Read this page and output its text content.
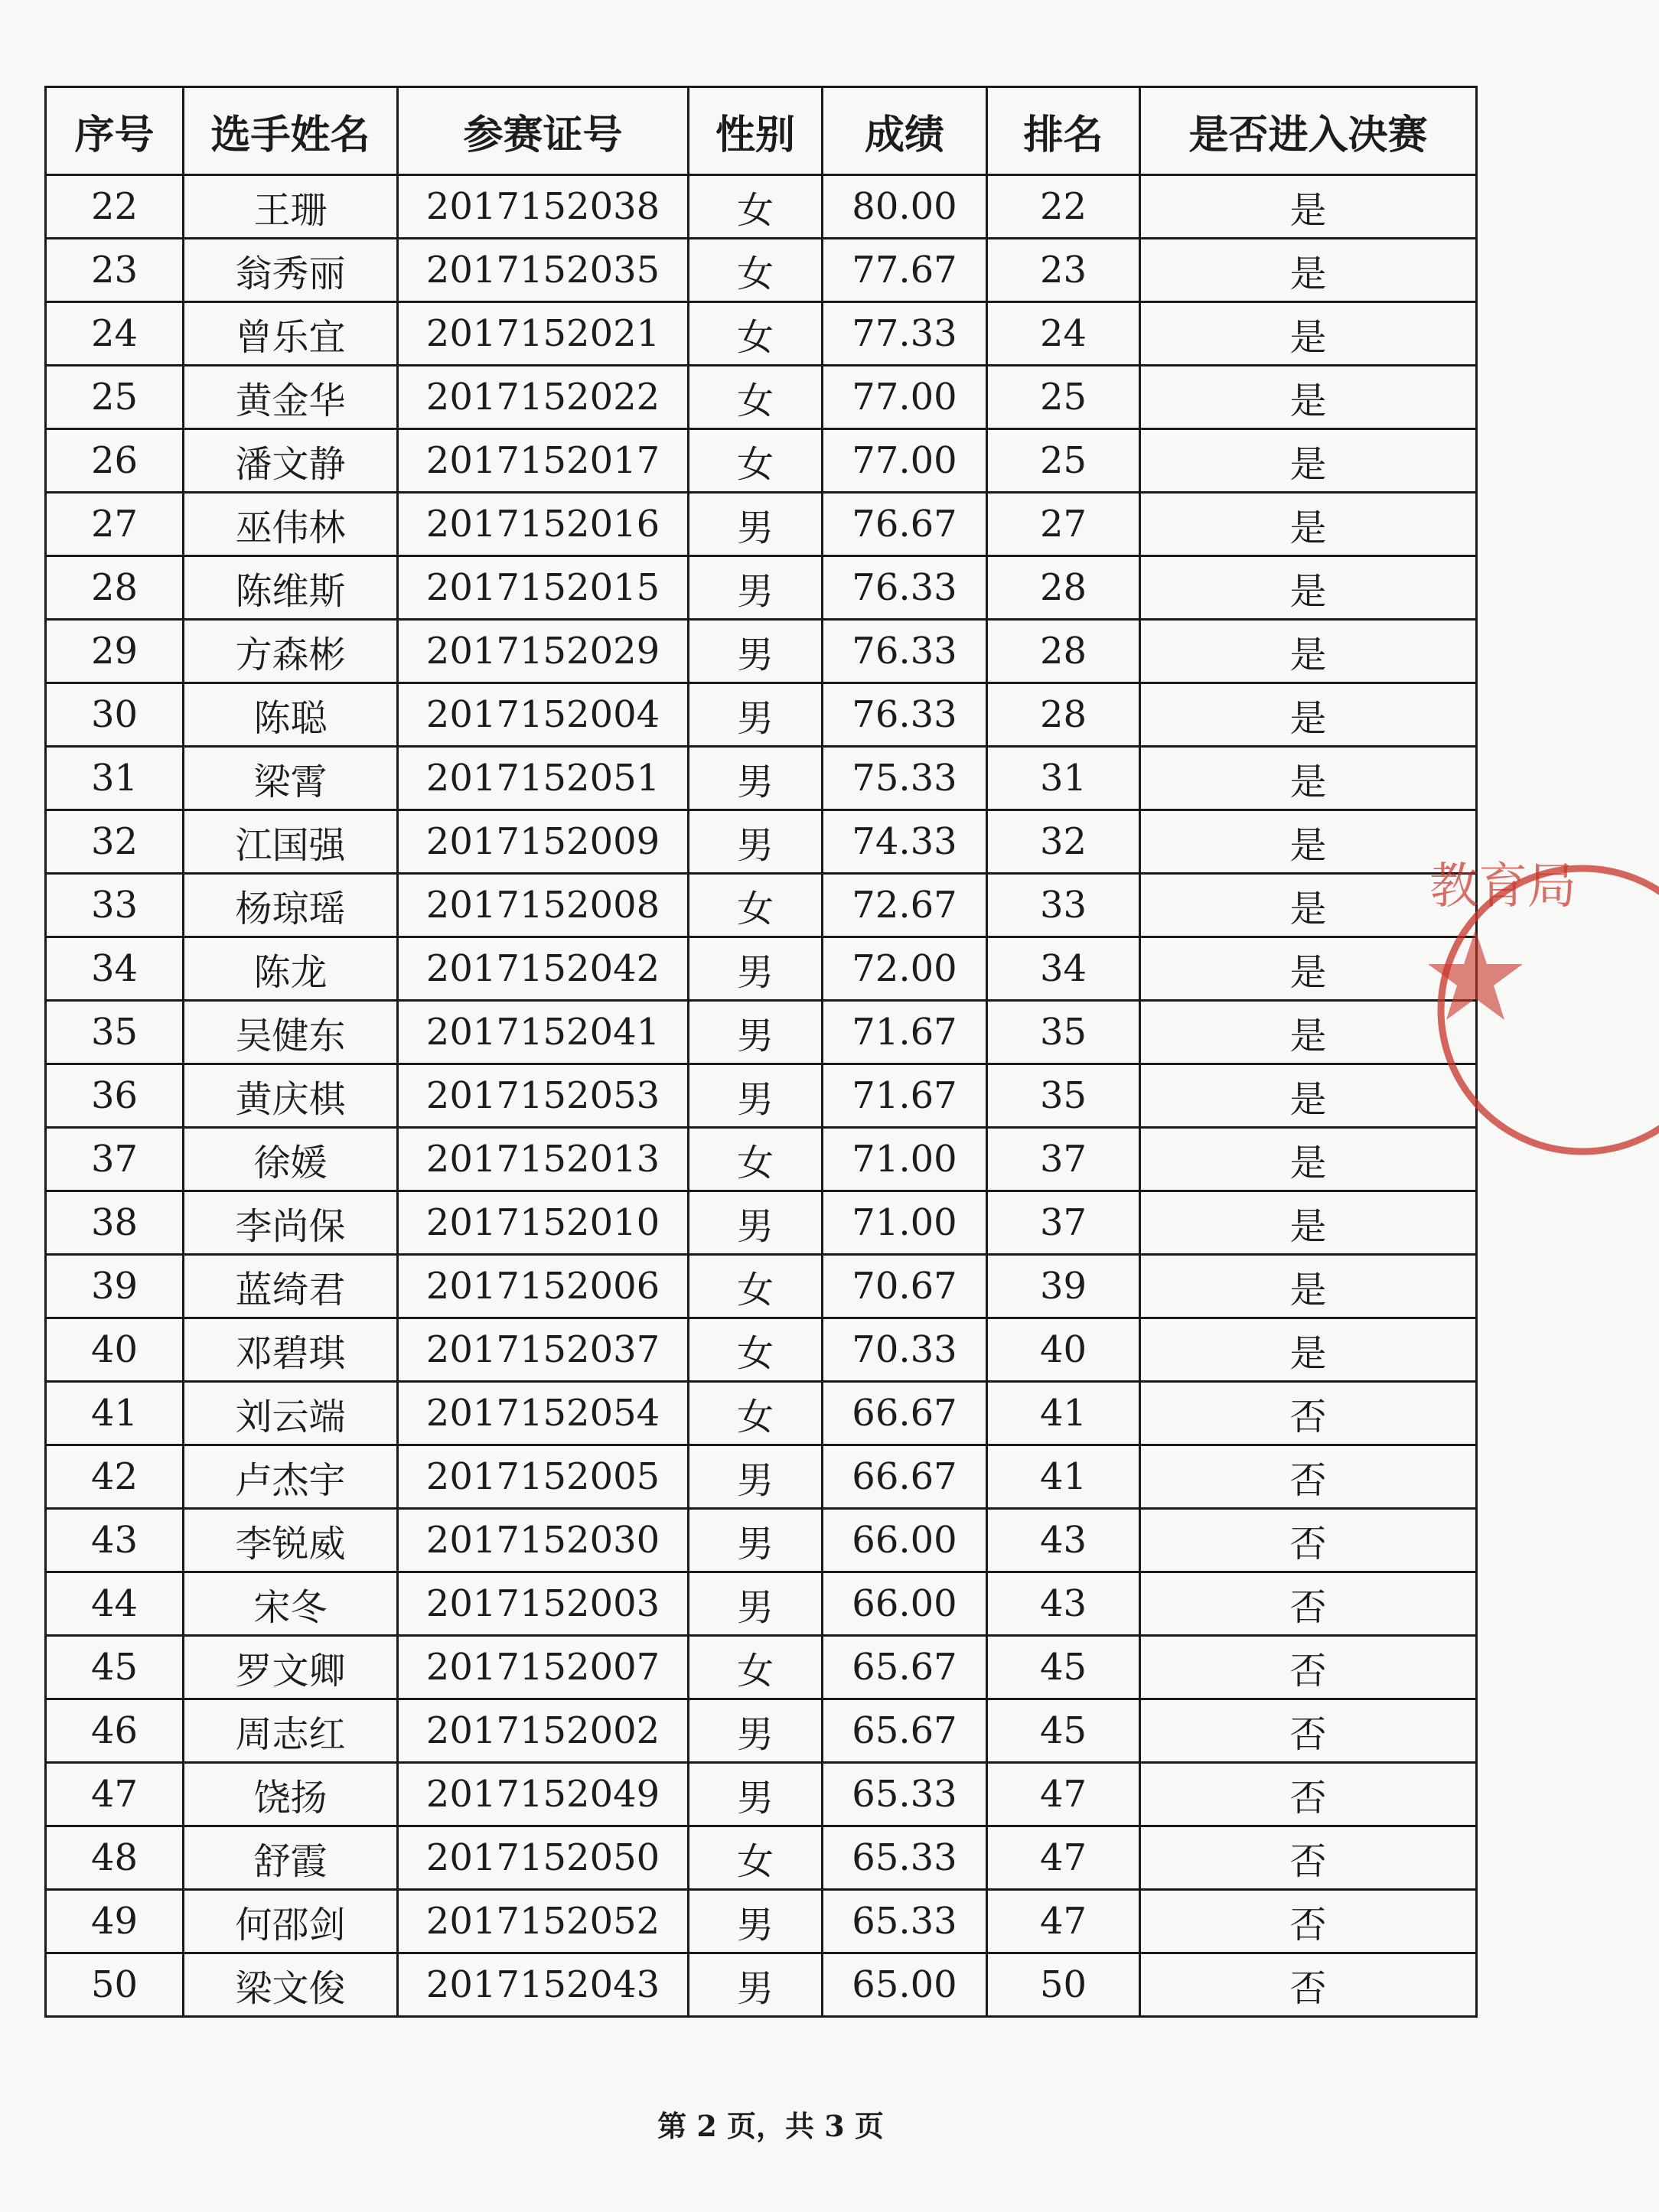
序号	选手姓名	参赛证号	性别	成绩	排名	是否进入决赛
22	王珊	2017152038	女	80.00	22	是
23	翁秀丽	2017152035	女	77.67	23	是
24	曾乐宜	2017152021	女	77.33	24	是
25	黄金华	2017152022	女	77.00	25	是
26	潘文静	2017152017	女	77.00	25	是
27	巫伟林	2017152016	男	76.67	27	是
28	陈维斯	2017152015	男	76.33	28	是
29	方森彬	2017152029	男	76.33	28	是
30	陈聪	2017152004	男	76.33	28	是
31	梁霄	2017152051	男	75.33	31	是
32	江国强	2017152009	男	74.33	32	是
33	杨琼瑶	2017152008	女	72.67	33	是
34	陈龙	2017152042	男	72.00	34	是
35	吴健东	2017152041	男	71.67	35	是
36	黄庆棋	2017152053	男	71.67	35	是
37	徐媛	2017152013	女	71.00	37	是
38	李尚保	2017152010	男	71.00	37	是
39	蓝绮君	2017152006	女	70.67	39	是
40	邓碧琪	2017152037	女	70.33	40	是
41	刘云端	2017152054	女	66.67	41	否
42	卢杰宇	2017152005	男	66.67	41	否
43	李锐威	2017152030	男	66.00	43	否
44	宋冬	2017152003	男	66.00	43	否
45	罗文卿	2017152007	女	65.67	45	否
46	周志红	2017152002	男	65.67	45	否
47	饶扬	2017152049	男	65.33	47	否
48	舒霞	2017152050	女	65.33	47	否
49	何邵剑	2017152052	男	65.33	47	否
50	梁文俊	2017152043	男	65.00	50	否
教育局
第 2 页，共 3 页
